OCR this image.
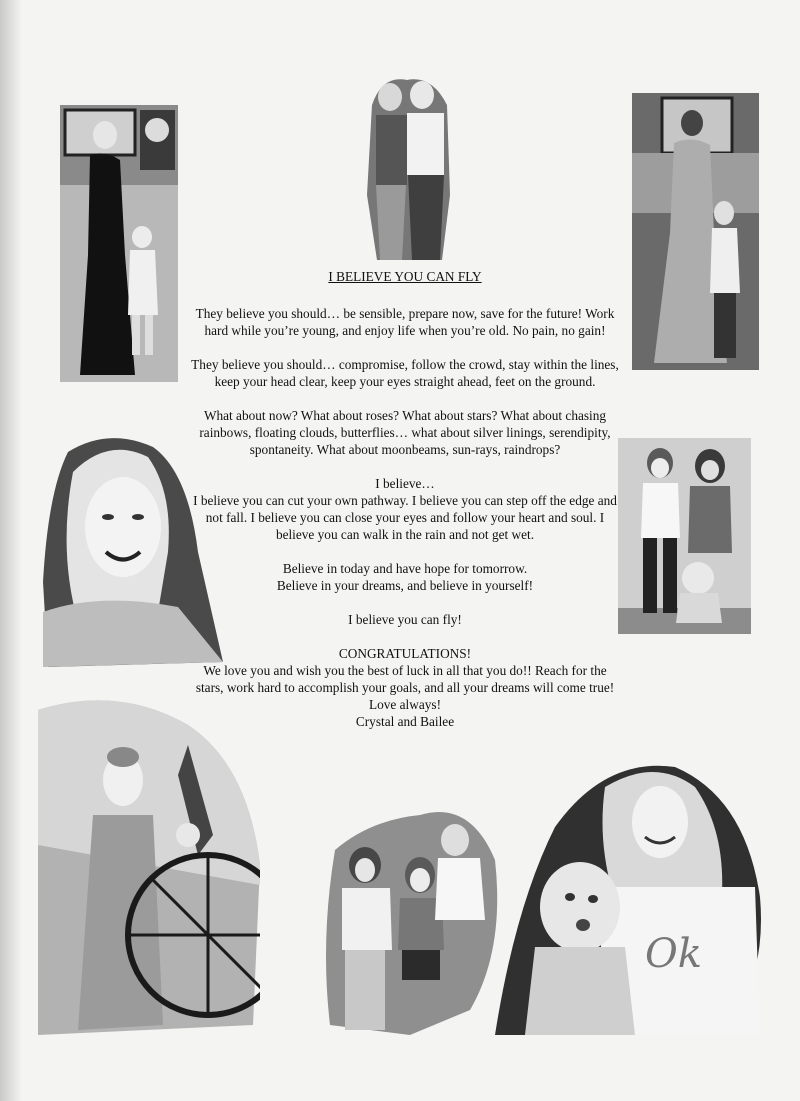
Ok

I BELIEVE YOU CAN FLY

They believe you should… be sensible, prepare now, save for the future! Work hard while you’re young, and enjoy life when you’re old. No pain, no gain!

They believe you should… compromise, follow the crowd, stay within the lines, keep your head clear, keep your eyes straight ahead, feet on the ground.

What about now? What about roses? What about stars? What about chasing rainbows, floating clouds, butterflies… what about silver linings, serendipity, spontaneity. What about moonbeams, sun-rays, raindrops?

I believe…

I believe you can cut your own pathway. I believe you can step off the edge and not fall. I believe you can close your eyes and follow your heart and soul. I believe you can walk in the rain and not get wet.

Believe in today and have hope for tomorrow.
Believe in your dreams, and believe in yourself!

I believe you can fly!

CONGRATULATIONS!

We love you and wish you the best of luck in all that you do!! Reach for the stars, work hard to accomplish your goals, and all your dreams will come true!

Love always!

Crystal and Bailee
